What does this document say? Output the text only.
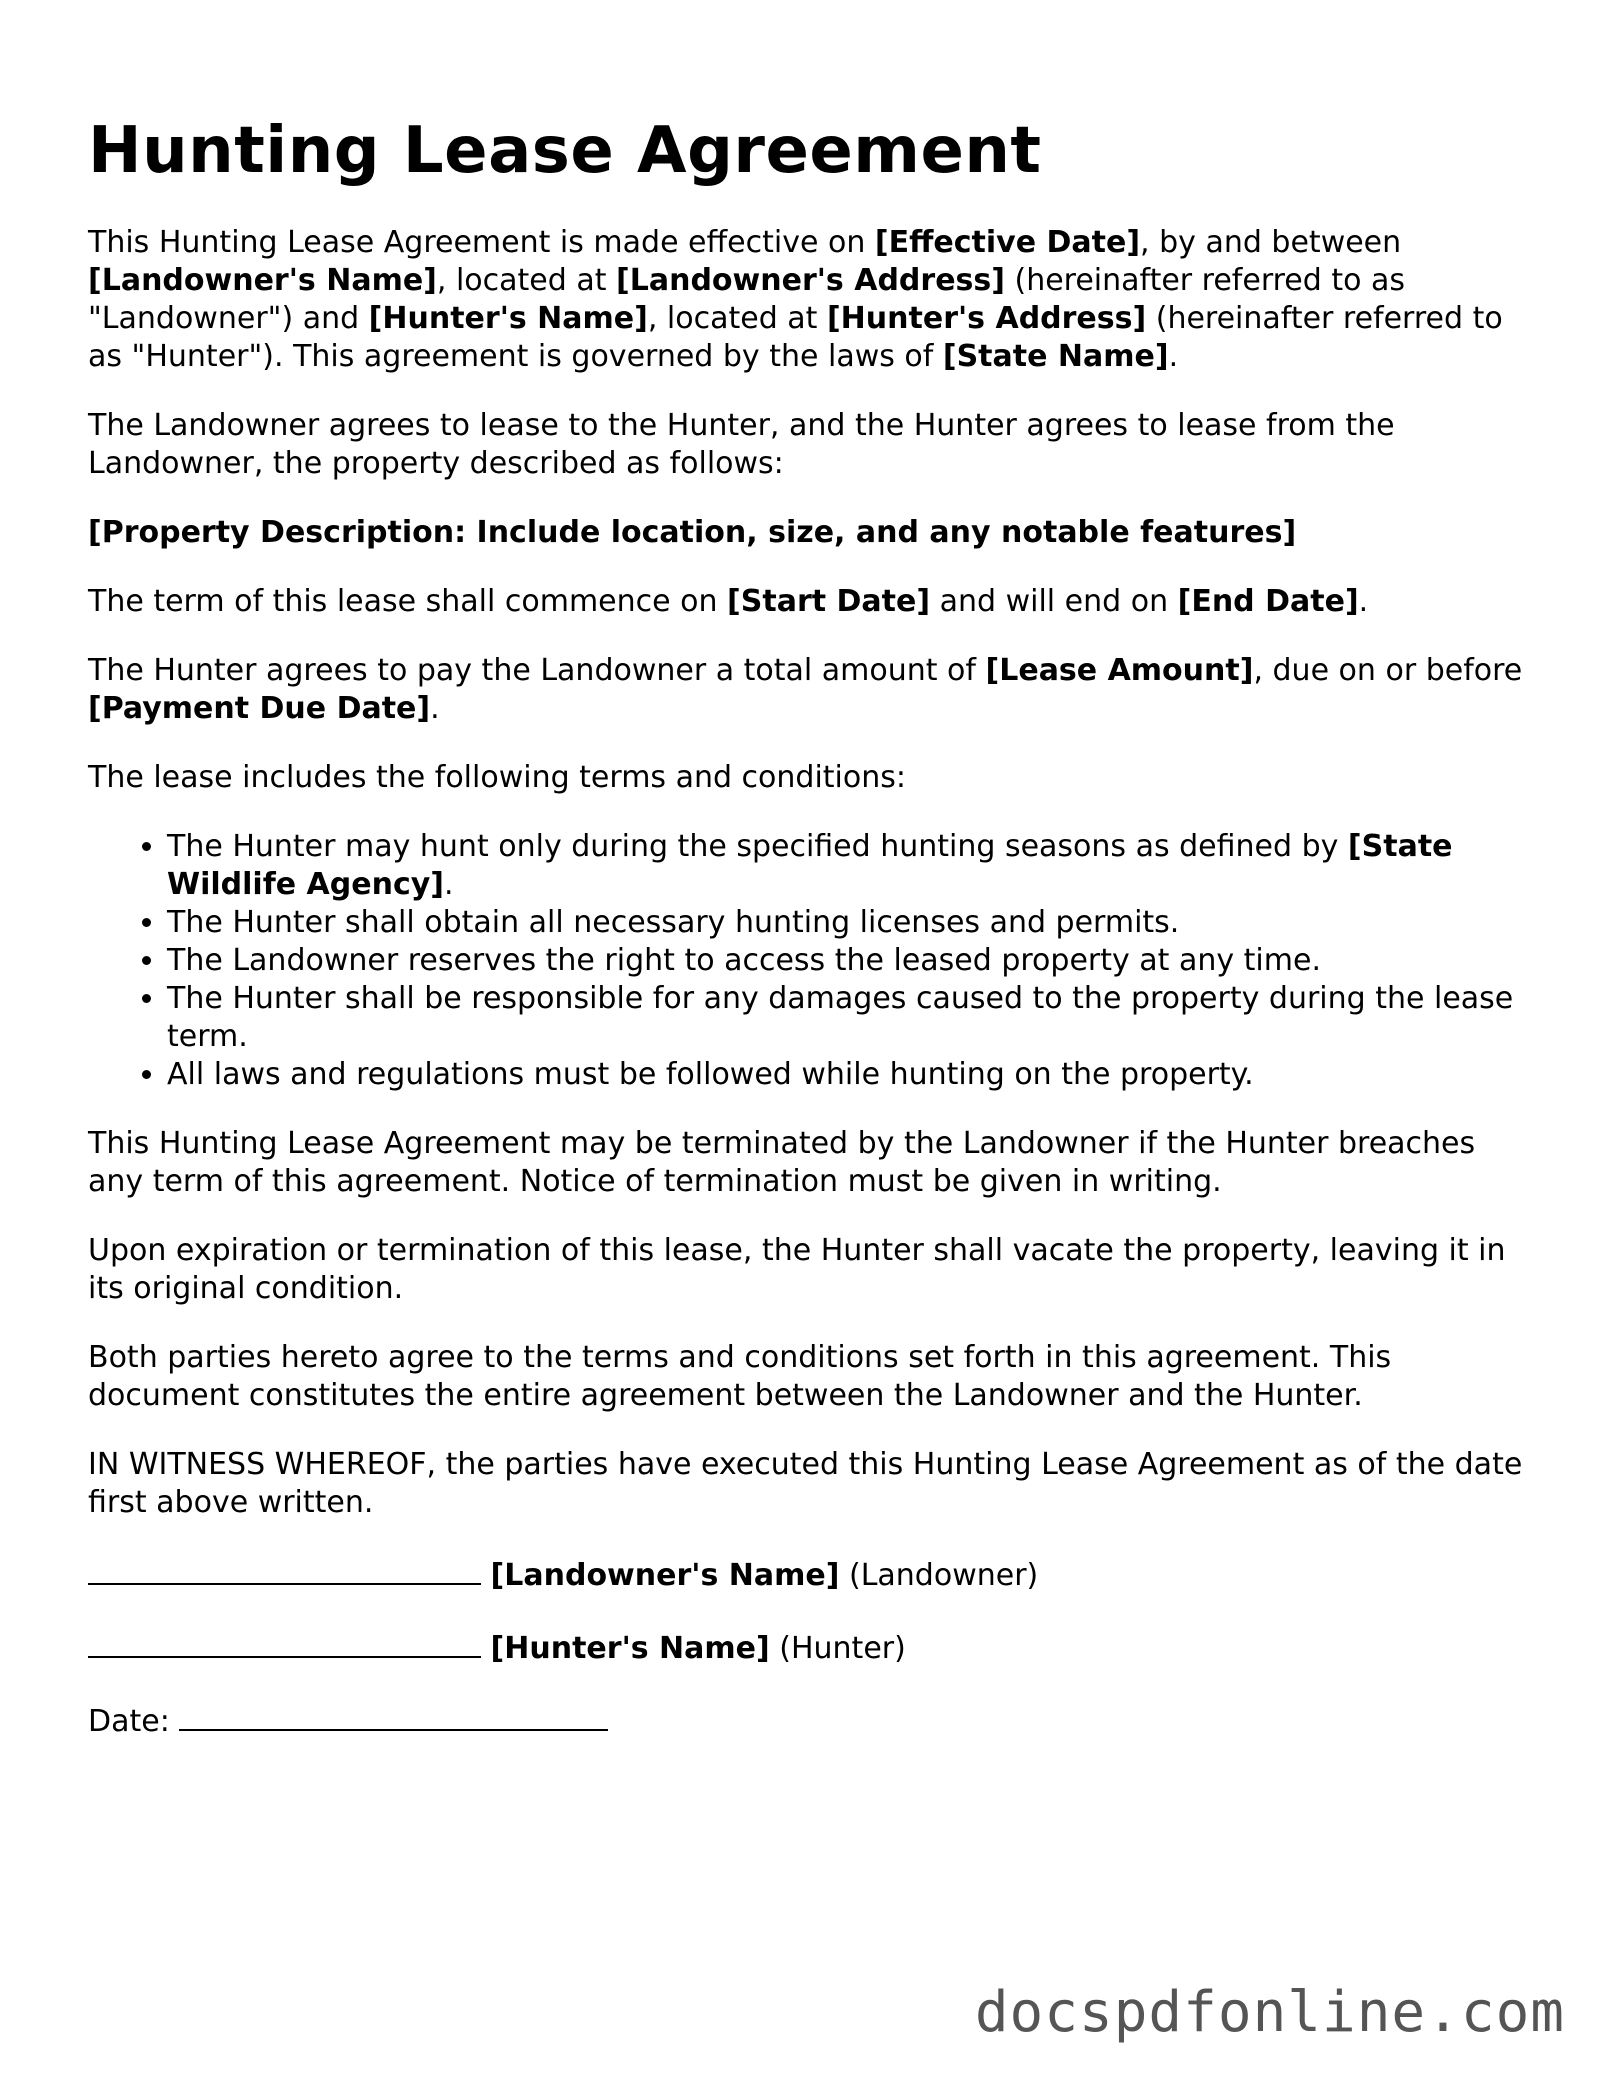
Hunting Lease Agreement

This Hunting Lease Agreement is made effective on [Effective Date], by and between [Landowner's Name], located at [Landowner's Address] (hereinafter referred to as "Landowner") and [Hunter's Name], located at [Hunter's Address] (hereinafter referred to as "Hunter"). This agreement is governed by the laws of [State Name].

The Landowner agrees to lease to the Hunter, and the Hunter agrees to lease from the Landowner, the property described as follows:

[Property Description: Include location, size, and any notable features]

The term of this lease shall commence on [Start Date] and will end on [End Date].

The Hunter agrees to pay the Landowner a total amount of [Lease Amount], due on or before [Payment Due Date].

The lease includes the following terms and conditions:

• The Hunter may hunt only during the specified hunting seasons as defined by [State Wildlife Agency].
• The Hunter shall obtain all necessary hunting licenses and permits.
• The Landowner reserves the right to access the leased property at any time.
• The Hunter shall be responsible for any damages caused to the property during the lease term.
• All laws and regulations must be followed while hunting on the property.

This Hunting Lease Agreement may be terminated by the Landowner if the Hunter breaches any term of this agreement. Notice of termination must be given in writing.

Upon expiration or termination of this lease, the Hunter shall vacate the property, leaving it in its original condition.

Both parties hereto agree to the terms and conditions set forth in this agreement. This document constitutes the entire agreement between the Landowner and the Hunter.

IN WITNESS WHEREOF, the parties have executed this Hunting Lease Agreement as of the date first above written.

[Landowner's Name] (Landowner)

[Hunter's Name] (Hunter)

Date:

docspdfonline.com
